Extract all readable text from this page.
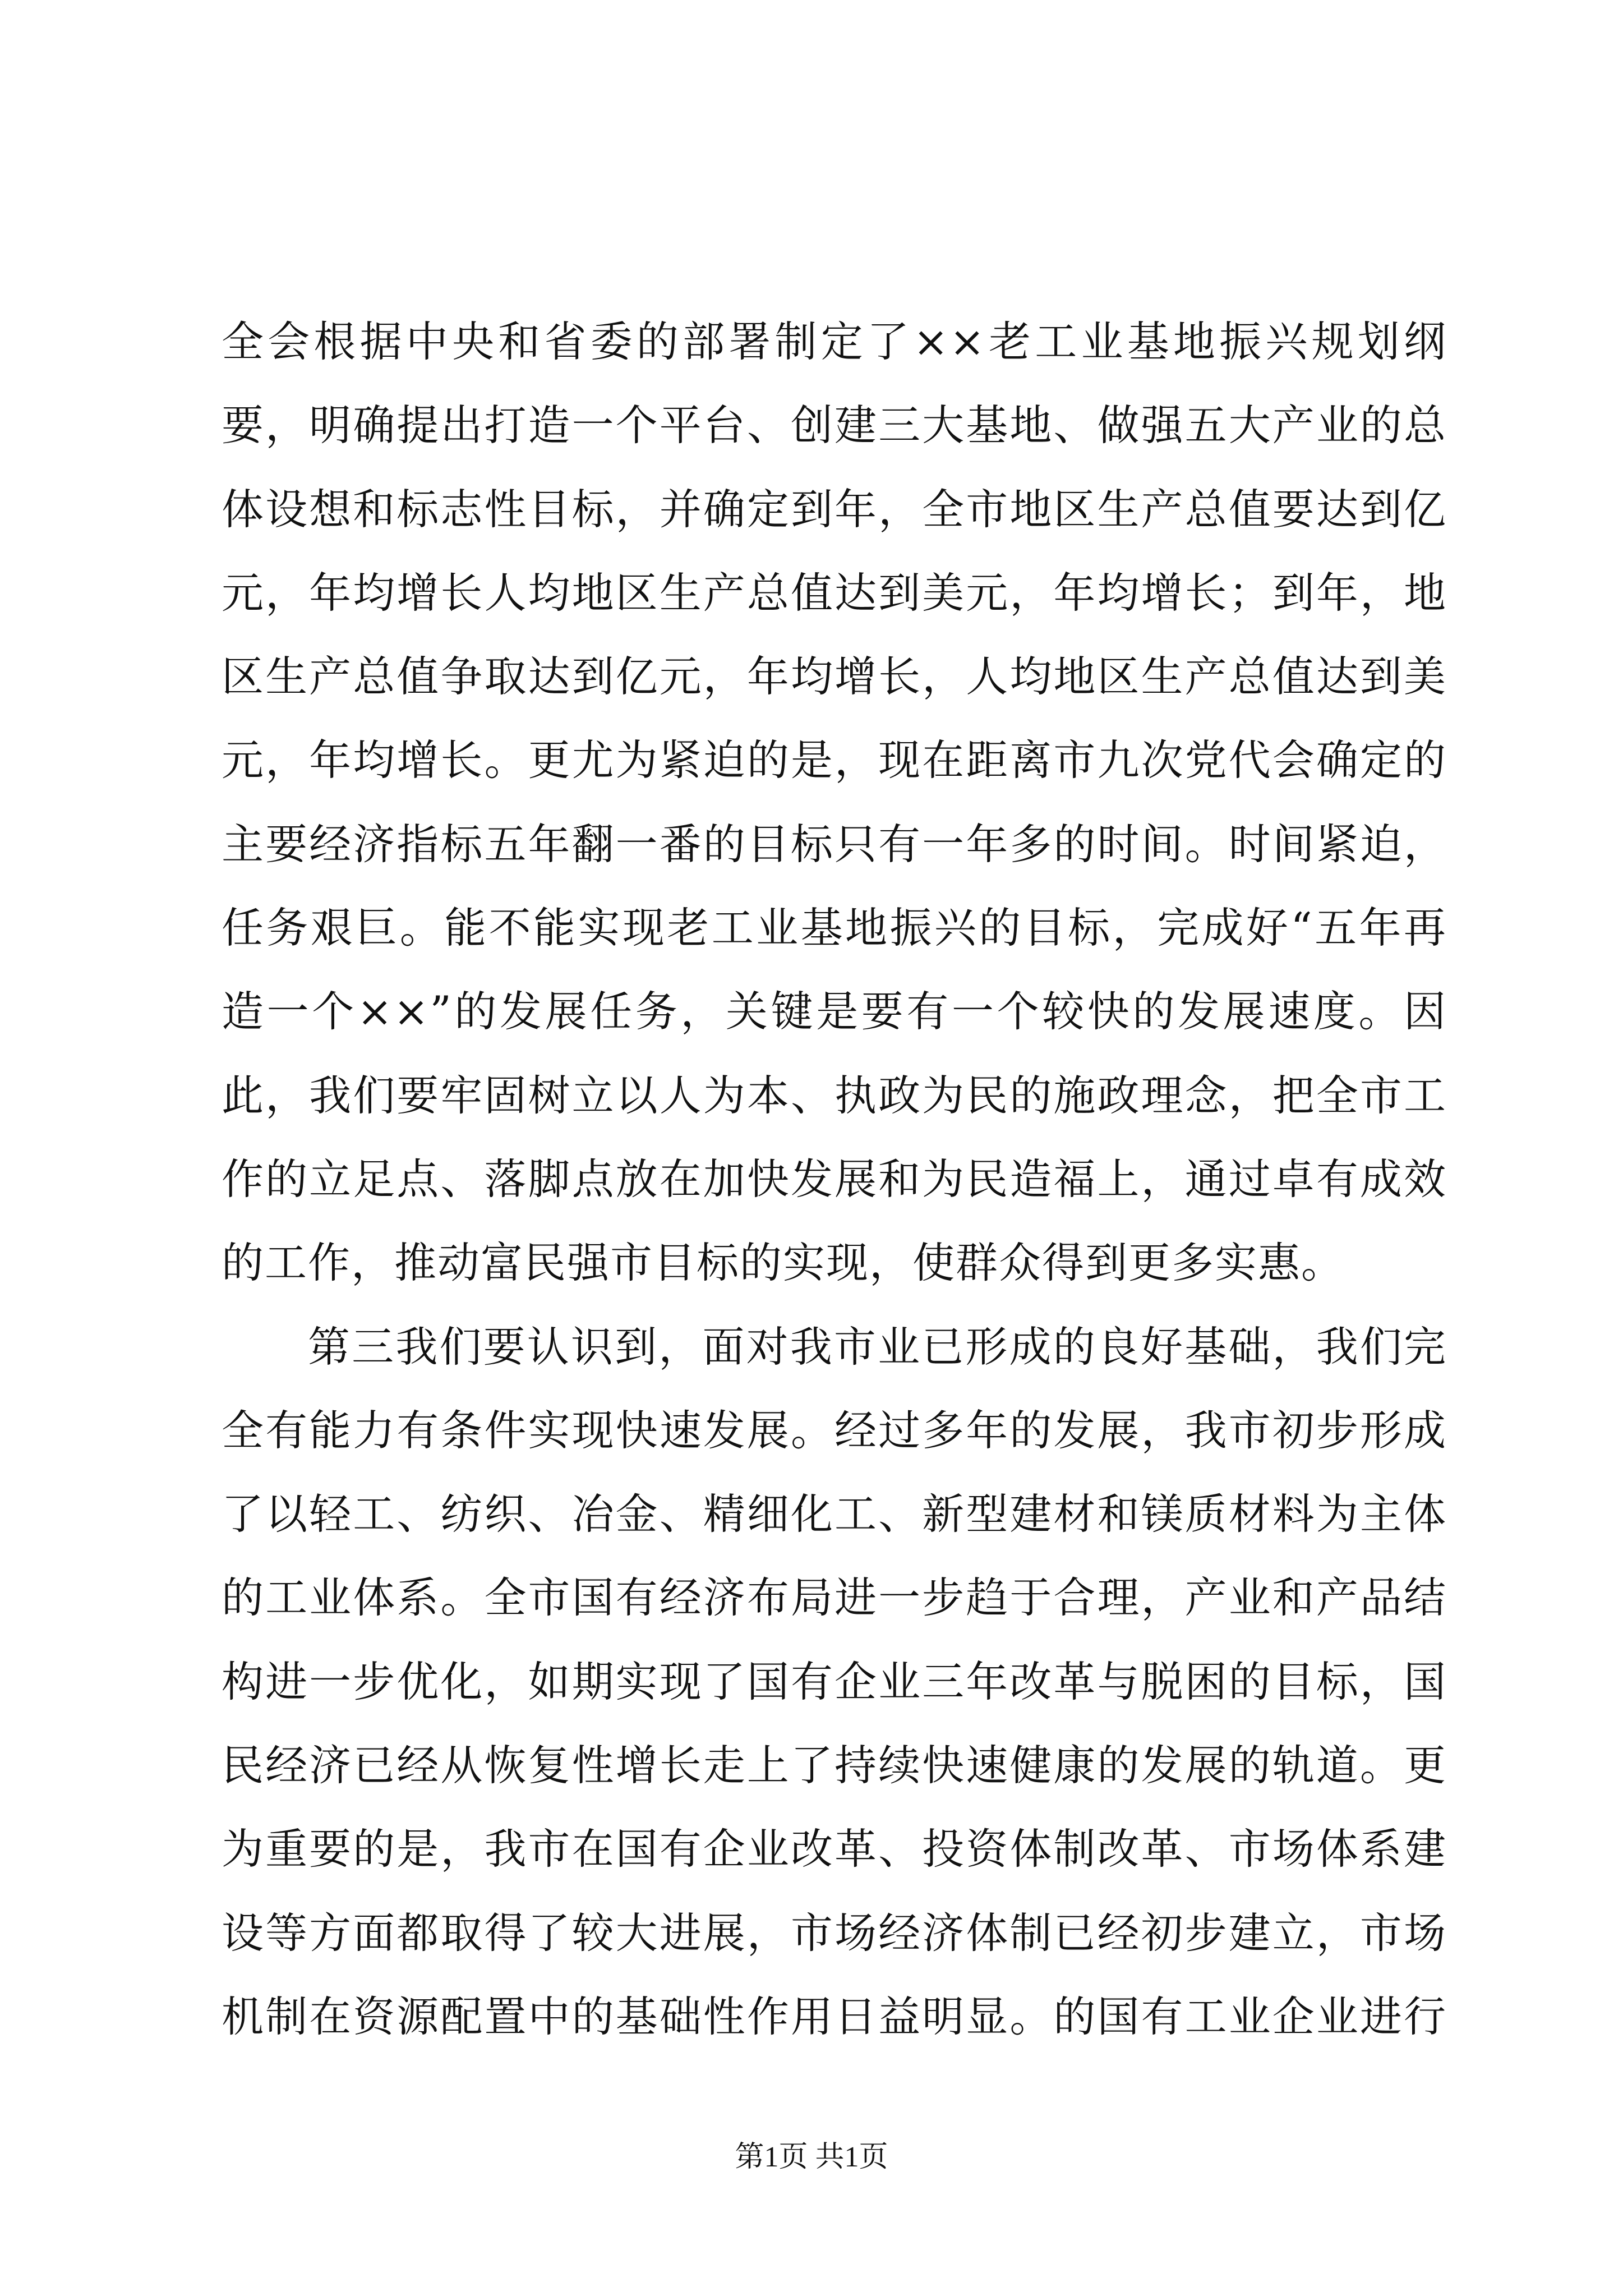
全会根据中央和省委的部署制定了××老工业基地振兴规划纲
要，明确提出打造一个平台、创建三大基地、做强五大产业的总
体设想和标志性目标，并确定到年，全市地区生产总值要达到亿
元，年均增长人均地区生产总值达到美元，年均增长；到年，地
区生产总值争取达到亿元，年均增长，人均地区生产总值达到美
元，年均增长。更尤为紧迫的是，现在距离市九次党代会确定的
主要经济指标五年翻一番的目标只有一年多的时间。时间紧迫，
任务艰巨。能不能实现老工业基地振兴的目标，完成好“五年再
造一个××”的发展任务，关键是要有一个较快的发展速度。因
此，我们要牢固树立以人为本、执政为民的施政理念，把全市工
作的立足点、落脚点放在加快发展和为民造福上，通过卓有成效
的工作，推动富民强市目标的实现，使群众得到更多实惠。
第三我们要认识到，面对我市业已形成的良好基础，我们完
全有能力有条件实现快速发展。经过多年的发展，我市初步形成
了以轻工、纺织、冶金、精细化工、新型建材和镁质材料为主体
的工业体系。全市国有经济布局进一步趋于合理，产业和产品结
构进一步优化，如期实现了国有企业三年改革与脱困的目标，国
民经济已经从恢复性增长走上了持续快速健康的发展的轨道。更
为重要的是，我市在国有企业改革、投资体制改革、市场体系建
设等方面都取得了较大进展，市场经济体制已经初步建立，市场
机制在资源配置中的基础性作用日益明显。的国有工业企业进行
第1页 共1页
